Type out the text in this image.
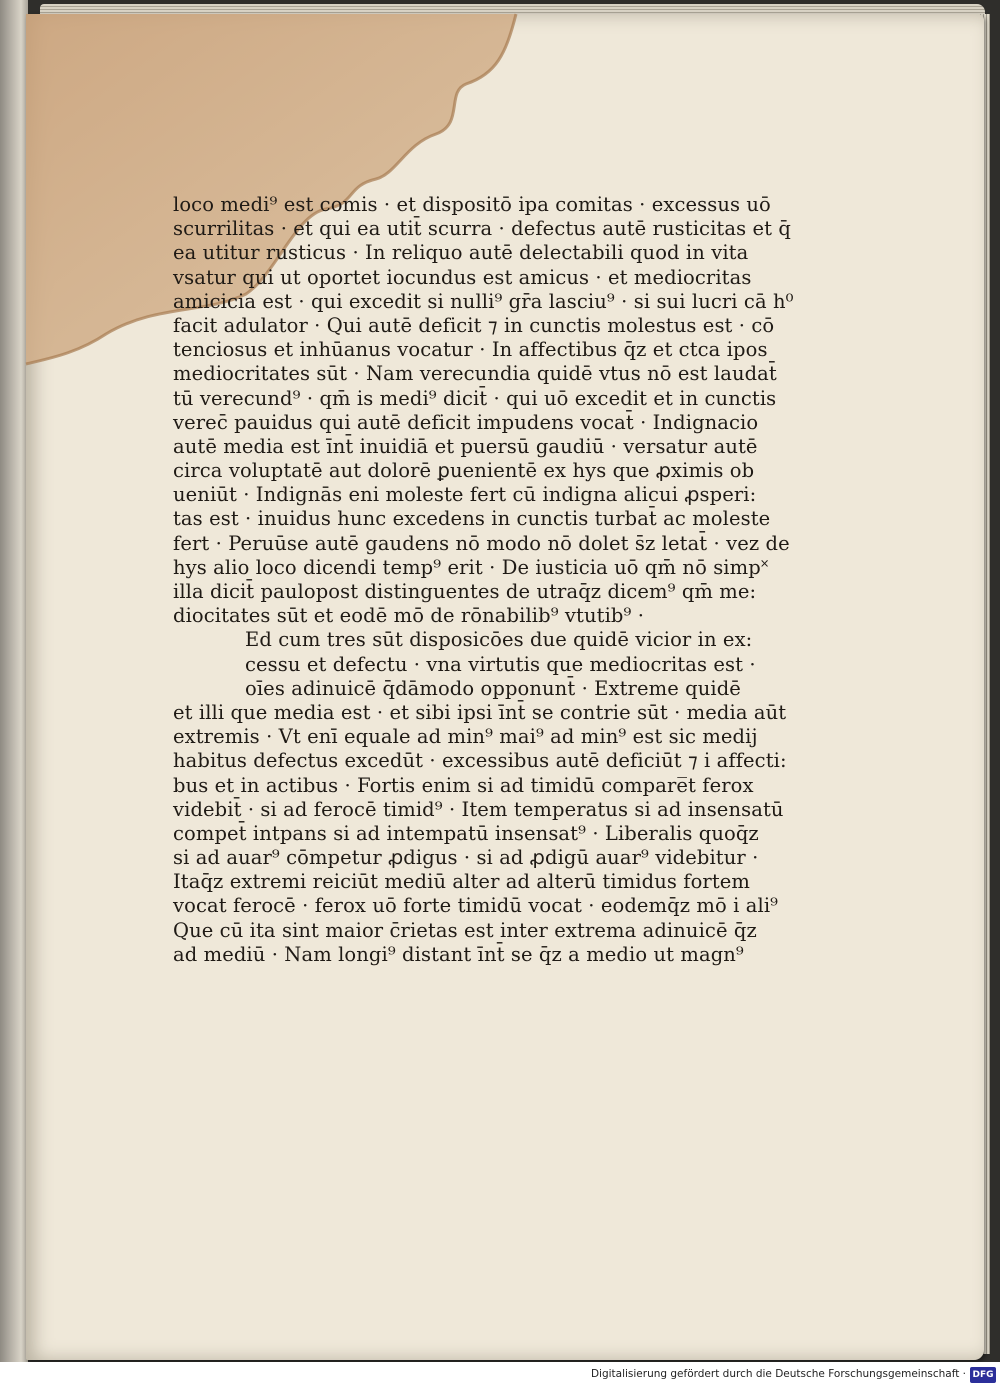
loco medi⁹ est comis · et dispositō ipa comitas · excessus uō
scurrilitas · et qui ea utit̄ scurra · defectus autē rusticitas et q̄
ea utitur rusticus · In reliquo autē delectabili quod in vita
vsatur qui ut oportet iocundus est amicus · et mediocritas
amicicia est · qui excedit si nulli⁹ gr̄a lasciu⁹ · si sui lucri cā h⁰
facit adulator · Qui autē deficit ⁊ in cunctis molestus est · cō
tenciosus et inhūanus vocatur · In affectibus q̄z et ctca ipos
mediocritates sūt · Nam verecundia quidē vtus nō est laudat̄
tū verecund⁹ · qm̄ is medi⁹ dicit̄ · qui uō excedit et in cunctis
verec̄ pauidus qui autē deficit impudens vocat̄ · Indignacio
autē media est īnt̄ inuidiā et puersū gaudiū · versatur autē
circa voluptatē aut dolorē ꝑuenientē ex hys que ꝓximis ob
ueniūt · Indignās eni moleste fert cū indigna alicui ꝓsperi:
tas est · inuidus hunc excedens in cunctis turbat̄ ac moleste
fert · Peruūse autē gaudens nō modo nō dolet s̄z letat̄ · vez de
hys alio loco dicendi temp⁹ erit · De iusticia uō qm̄ nō simp˟
illa dicit̄ paulopost distinguentes de utraq̄z dicem⁹ qm̄ me:
diocitates sūt et eodē mō de rōnabilib⁹ vtutib⁹ ·
Ed cum tres sūt disposicōes due quidē vicior in ex:
cessu et defectu · vna virtutis que mediocritas est ·
oīes adinuicē q̄dāmodo opponunt̄ · Extreme quidē
et illi que media est · et sibi ipsi īnt̄ se contrie sūt · media aūt
extremis · Vt enī equale ad min⁹ mai⁹ ad min⁹ est sic medij
habitus defectus excedūt · excessibus autē deficiūt ⁊ i affecti:
bus et in actibus · Fortis enim si ad timidū compare̅t ferox
videbit̄ · si ad ferocē timid⁹ · Item temperatus si ad insensatū
compet̄ intpans si ad intempatū insensat⁹ · Liberalis quoq̄z
si ad auar⁹ cōmpetur ꝓdigus · si ad ꝓdigū auar⁹ videbitur ·
Itaq̄z extremi reiciūt mediū alter ad alterū timidus fortem
vocat ferocē · ferox uō forte timidū vocat · eodemq̄z mō i ali⁹
Que cū ita sint maior c̄rietas est inter extrema adinuicē q̄z
ad mediū · Nam longi⁹ distant īnt̄ se q̄z a medio ut magn⁹
Digitalisierung gefördert durch die Deutsche Forschungsgemeinschaft · DFG
